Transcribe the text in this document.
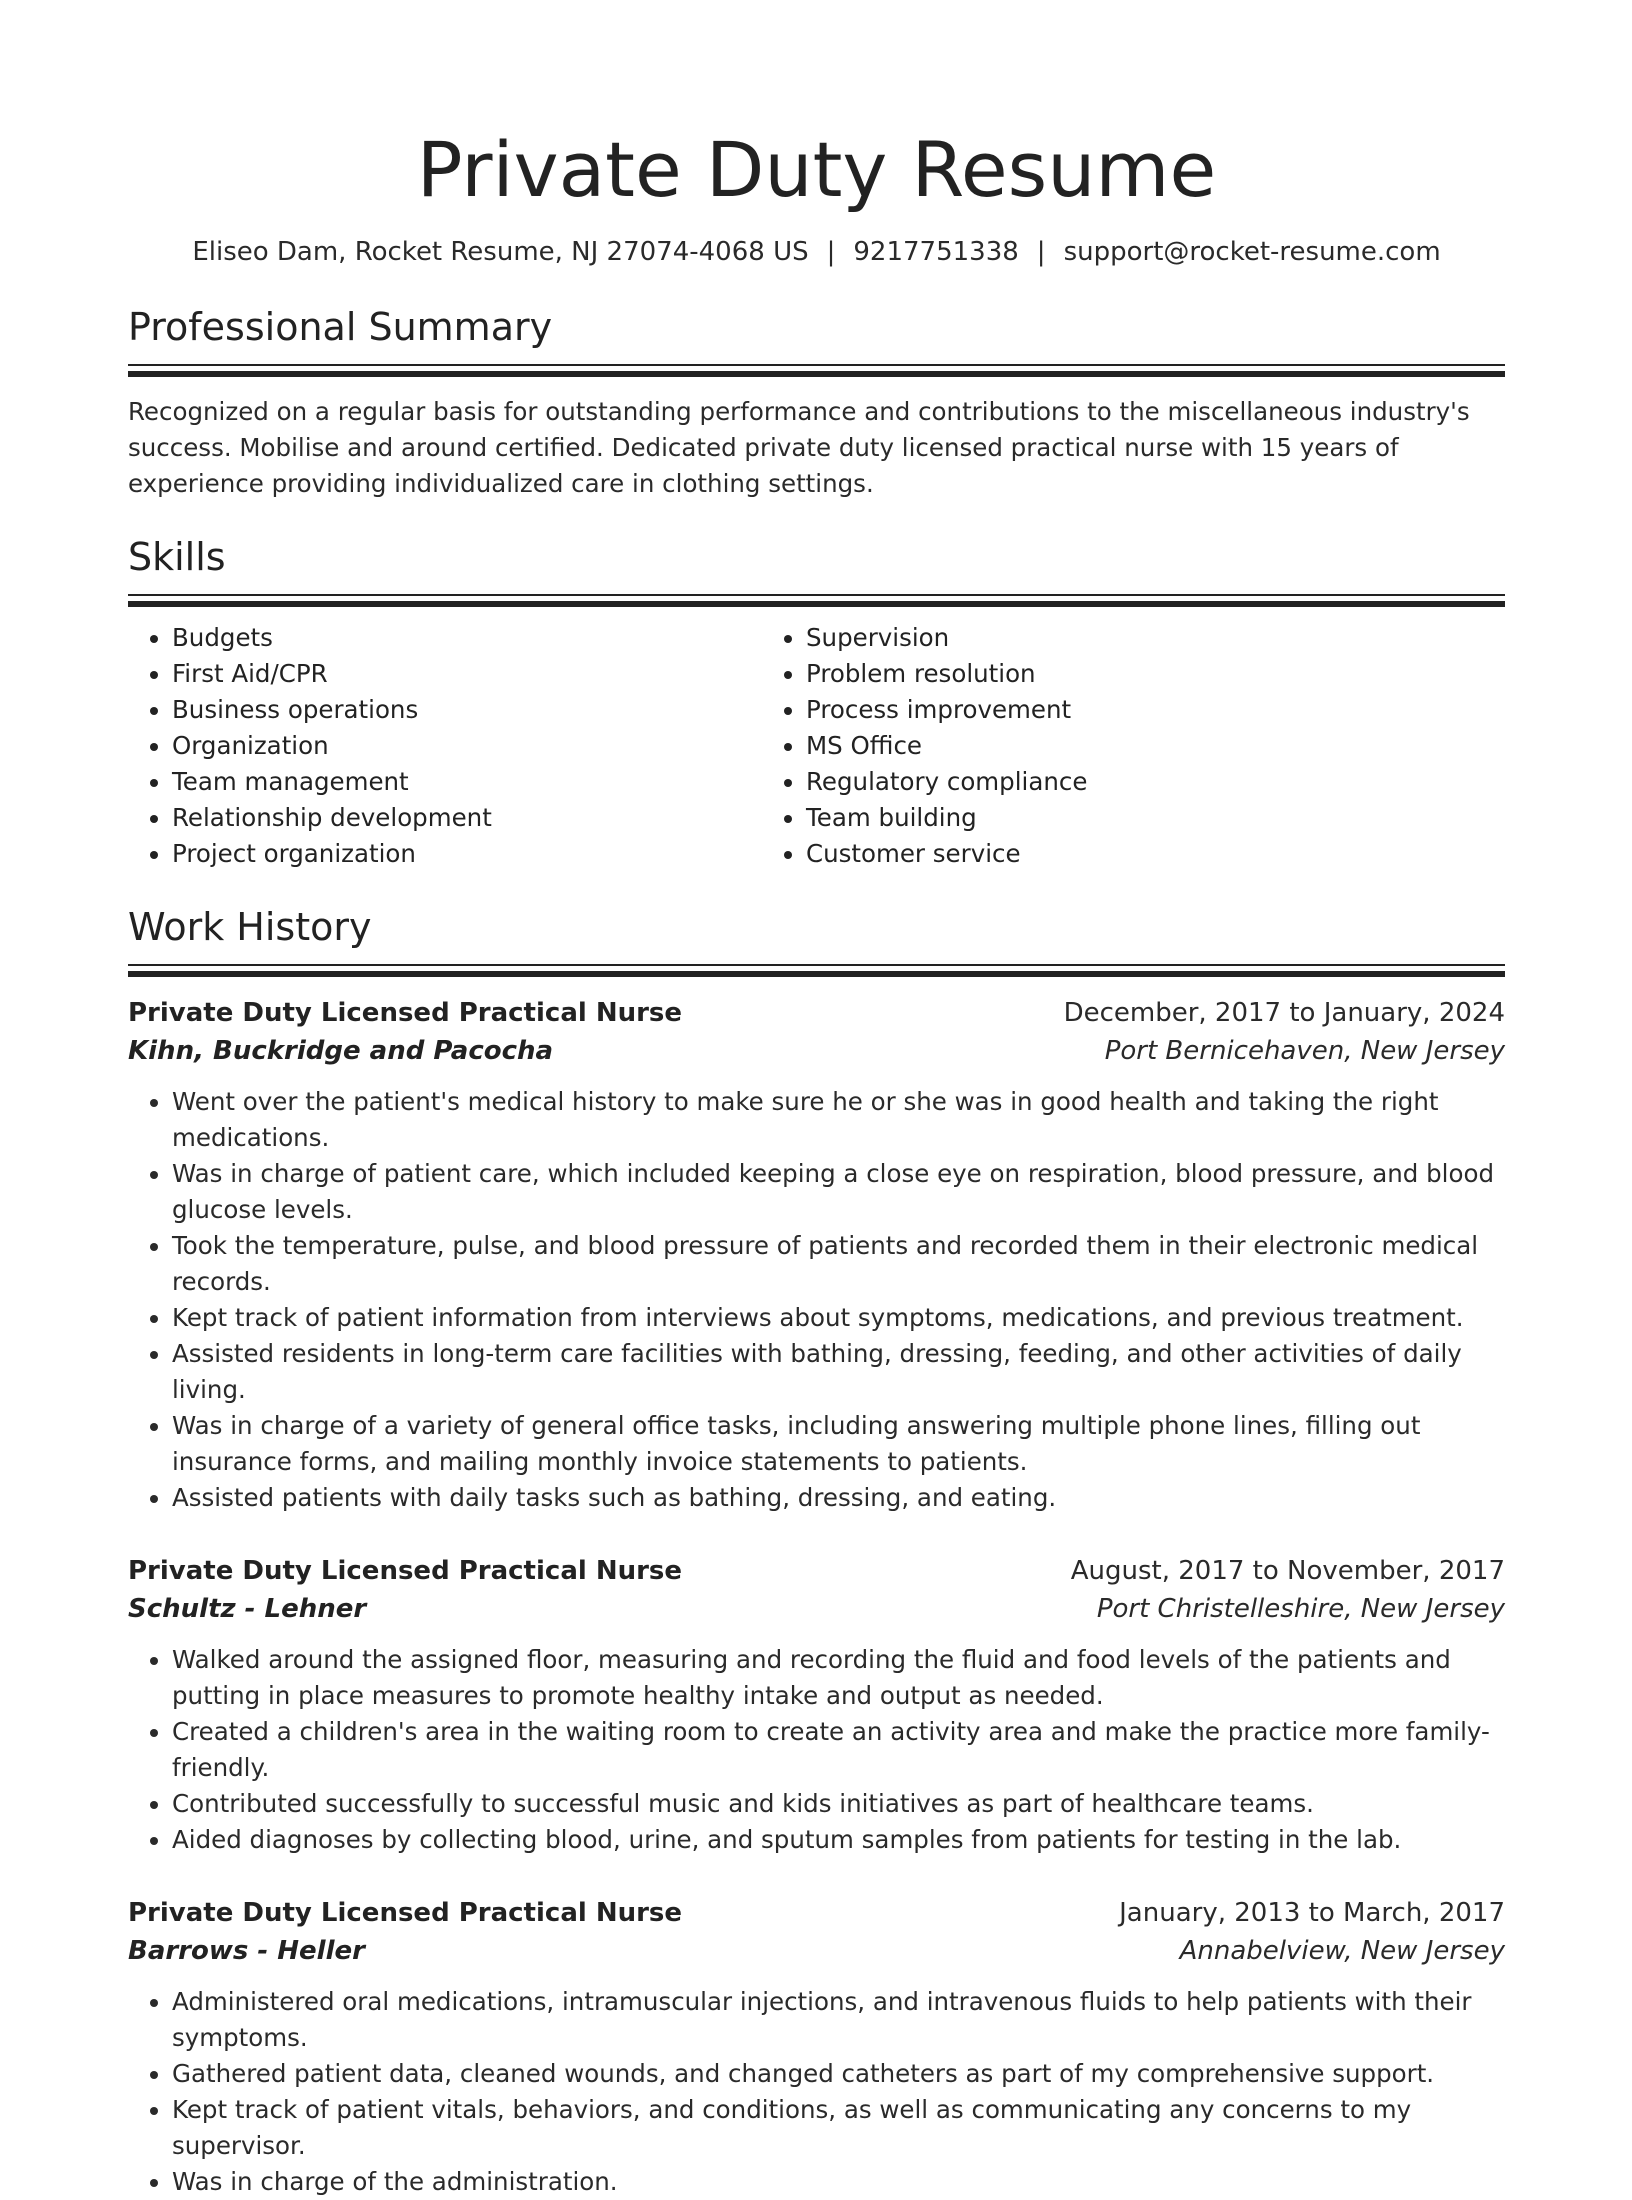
Private Duty Resume
Eliseo Dam, Rocket Resume, NJ 27074-4068 US | 9217751338 | support@rocket-resume.com
Professional Summary
Recognized on a regular basis for outstanding performance and contributions to the miscellaneous industry's success. Mobilise and around certified. Dedicated private duty licensed practical nurse with 15 years of experience providing individualized care in clothing settings.
Skills
• Budgets
• First Aid/CPR
• Business operations
• Organization
• Team management
• Relationship development
• Project organization
• Supervision
• Problem resolution
• Process improvement
• MS Office
• Regulatory compliance
• Team building
• Customer service
Work History
Private Duty Licensed Practical Nurse	December, 2017 to January, 2024
Kihn, Buckridge and Pacocha	Port Bernicehaven, New Jersey
• Went over the patient's medical history to make sure he or she was in good health and taking the right medications.
• Was in charge of patient care, which included keeping a close eye on respiration, blood pressure, and blood glucose levels.
• Took the temperature, pulse, and blood pressure of patients and recorded them in their electronic medical records.
• Kept track of patient information from interviews about symptoms, medications, and previous treatment.
• Assisted residents in long-term care facilities with bathing, dressing, feeding, and other activities of daily living.
• Was in charge of a variety of general office tasks, including answering multiple phone lines, filling out insurance forms, and mailing monthly invoice statements to patients.
• Assisted patients with daily tasks such as bathing, dressing, and eating.
Private Duty Licensed Practical Nurse	August, 2017 to November, 2017
Schultz - Lehner	Port Christelleshire, New Jersey
• Walked around the assigned floor, measuring and recording the fluid and food levels of the patients and putting in place measures to promote healthy intake and output as needed.
• Created a children's area in the waiting room to create an activity area and make the practice more family-friendly.
• Contributed successfully to successful music and kids initiatives as part of healthcare teams.
• Aided diagnoses by collecting blood, urine, and sputum samples from patients for testing in the lab.
Private Duty Licensed Practical Nurse	January, 2013 to March, 2017
Barrows - Heller	Annabelview, New Jersey
• Administered oral medications, intramuscular injections, and intravenous fluids to help patients with their symptoms.
• Gathered patient data, cleaned wounds, and changed catheters as part of my comprehensive support.
• Kept track of patient vitals, behaviors, and conditions, as well as communicating any concerns to my supervisor.
• Was in charge of the administration.
